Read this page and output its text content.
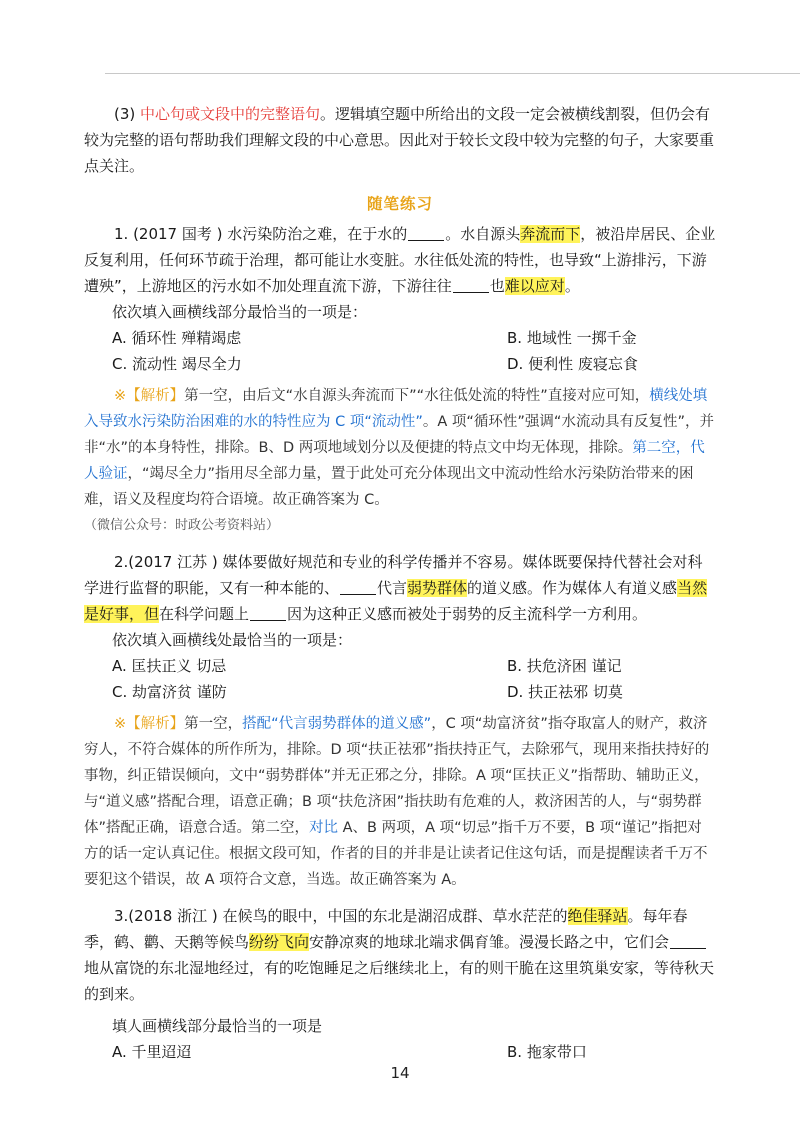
(3) 中心句或文段中的完整语句。逻辑填空题中所给出的文段一定会被横线割裂，但仍会有较为完整的语句帮助我们理解文段的中心意思。因此对于较长文段中较为完整的句子，大家要重点关注。

随笔练习

1. (2017 国考 ) 水污染防治之难，在于水的	。水自源头奔流而下，被沿岸居民、企业反复利用，任何环节疏于治理，都可能让水变脏。水往低处流的特性，也导致“上游排污，下游遭殃”，上游地区的污水如不加处理直流下游，下游往往	也难以应对。

依次填入画横线部分最恰当的一项是：

A. 循环性 殚精竭虑	B. 地域性 一掷千金
C. 流动性 竭尽全力	D. 便利性 废寝忘食

※【解析】第一空，由后文“水自源头奔流而下”“水往低处流的特性”直接对应可知，横线处填入导致水污染防治困难的水的特性应为 C 项“流动性”。A 项“循环性”强调“水流动具有反复性”，并非“水”的本身特性，排除。B、D 两项地域划分以及便捷的特点文中均无体现，排除。第二空，代人验证，“竭尽全力”指用尽全部力量，置于此处可充分体现出文中流动性给水污染防治带来的困难，语义及程度均符合语境。故正确答案为 C。

（微信公众号：时政公考资料站）

2.(2017 江苏 ) 媒体要做好规范和专业的科学传播并不容易。媒体既要保持代替社会对科学进行监督的职能，又有一种本能的、	代言弱势群体的道义感。作为媒体人有道义感当然是好事，但在科学问题上	因为这种正义感而被处于弱势的反主流科学一方利用。

依次填入画横线处最恰当的一项是：

A. 匡扶正义 切忌	B. 扶危济困 谨记
C. 劫富济贫 谨防	D. 扶正祛邪 切莫

※【解析】第一空，搭配“代言弱势群体的道义感”，C 项“劫富济贫”指夺取富人的财产，救济穷人，不符合媒体的所作所为，排除。D 项“扶正祛邪”指扶持正气，去除邪气，现用来指扶持好的事物，纠正错误倾向，文中“弱势群体”并无正邪之分，排除。A 项“匡扶正义”指帮助、辅助正义，与“道义感”搭配合理，语意正确；B 项“扶危济困”指扶助有危难的人，救济困苦的人，与“弱势群体”搭配正确，语意合适。第二空，对比 A、B 两项，A 项“切忌”指千万不要，B 项“谨记”指把对方的话一定认真记住。根据文段可知，作者的目的并非是让读者记住这句话，而是提醒读者千万不要犯这个错误，故 A 项符合文意，当选。故正确答案为 A。

3.(2018 浙江 ) 在候鸟的眼中，中国的东北是湖沼成群、草水茫茫的绝佳驿站。每年春季，鹤、鹳、天鹅等候鸟纷纷飞向安静凉爽的地球北端求偶育雏。漫漫长路之中，它们会地从富饶的东北湿地经过，有的吃饱睡足之后继续北上，有的则干脆在这里筑巢安家，等待秋天的到来。

填人画横线部分最恰当的一项是

A. 千里迢迢	B. 拖家带口
14
